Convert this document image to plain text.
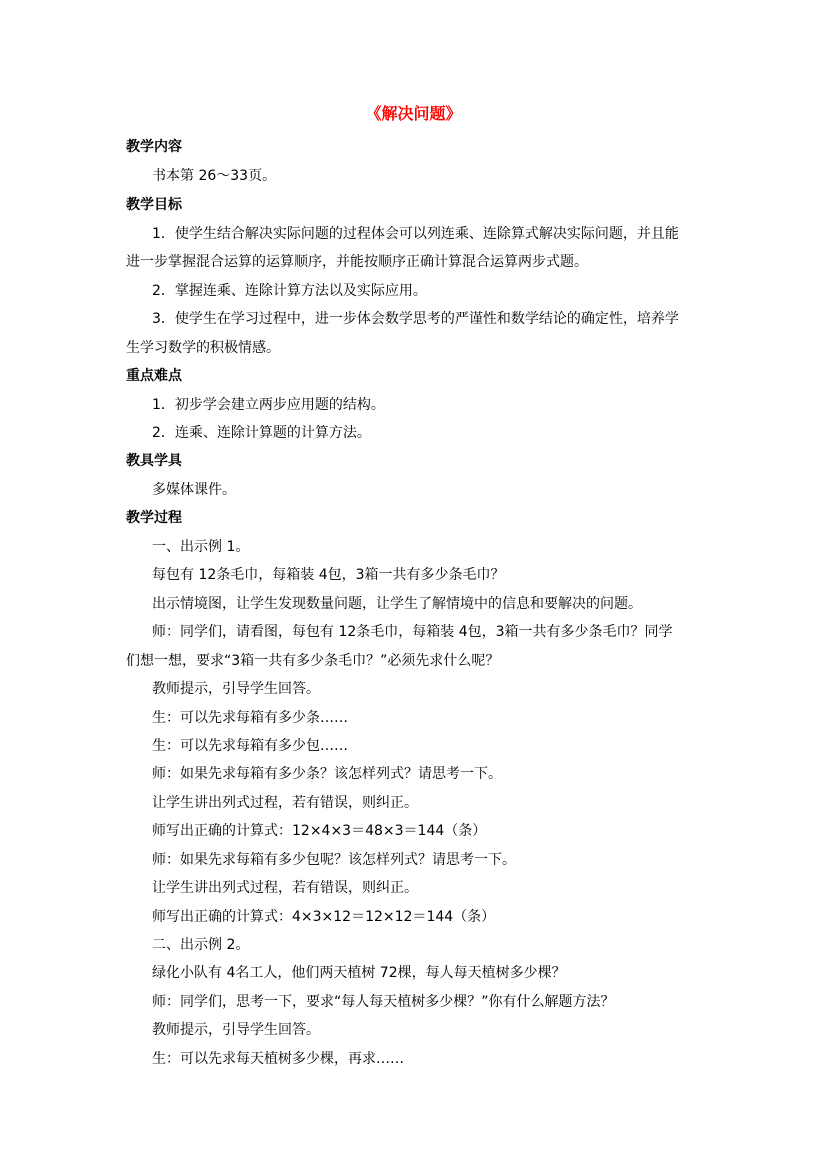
《解决问题》
教学内容
书本第 26～33页。
教学目标
1．使学生结合解决实际问题的过程体会可以列连乘、连除算式解决实际问题，并且能
进一步掌握混合运算的运算顺序，并能按顺序正确计算混合运算两步式题。
2．掌握连乘、连除计算方法以及实际应用。
3．使学生在学习过程中，进一步体会数学思考的严谨性和数学结论的确定性，培养学
生学习数学的积极情感。
重点难点
1．初步学会建立两步应用题的结构。
2．连乘、连除计算题的计算方法。
教具学具
多媒体课件。
教学过程
一、出示例 1。
每包有 12条毛巾，每箱装 4包，3箱一共有多少条毛巾？
出示情境图，让学生发现数量问题，让学生了解情境中的信息和要解决的问题。
师：同学们，请看图，每包有 12条毛巾，每箱装 4包，3箱一共有多少条毛巾？同学
们想一想，要求“3箱一共有多少条毛巾？”必须先求什么呢？
教师提示，引导学生回答。
生：可以先求每箱有多少条……
生：可以先求每箱有多少包……
师：如果先求每箱有多少条？该怎样列式？请思考一下。
让学生讲出列式过程，若有错误，则纠正。
师写出正确的计算式：12×4×3＝48×3＝144（条）
师：如果先求每箱有多少包呢？该怎样列式？请思考一下。
让学生讲出列式过程，若有错误，则纠正。
师写出正确的计算式：4×3×12＝12×12＝144（条）
二、出示例 2。
绿化小队有 4名工人，他们两天植树 72棵，每人每天植树多少棵？
师：同学们，思考一下，要求“每人每天植树多少棵？”你有什么解题方法？
教师提示，引导学生回答。
生：可以先求每天植树多少棵，再求……
